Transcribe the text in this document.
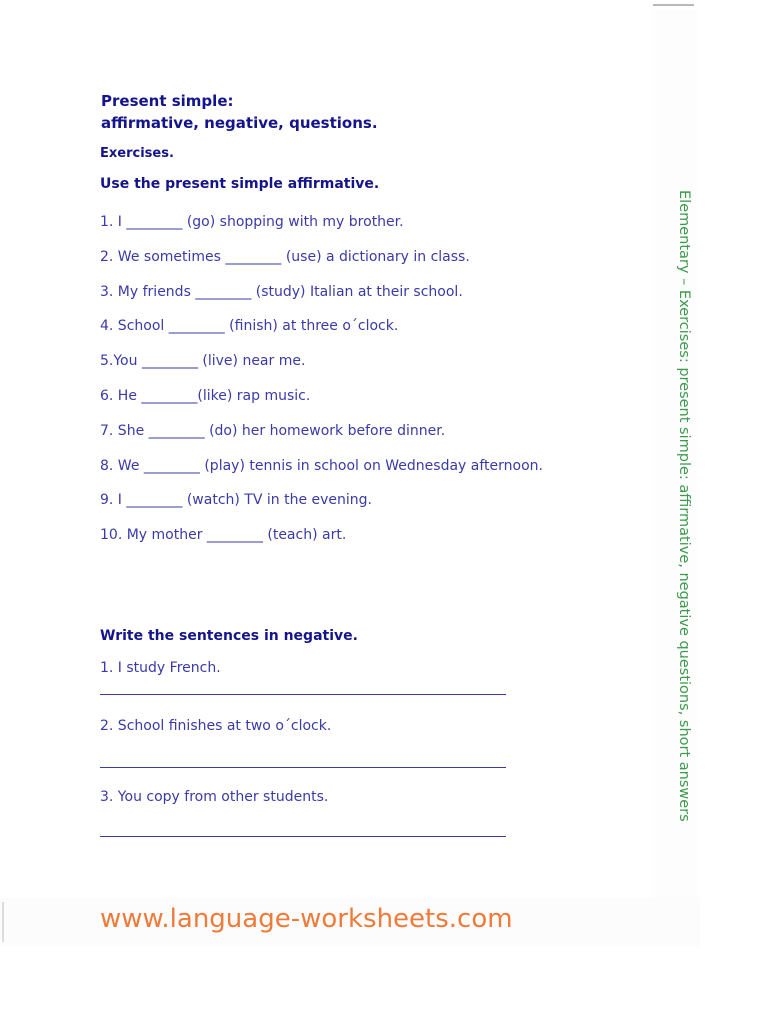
Present simple:
affirmative, negative, questions.
Exercises.
Use the present simple affirmative.
1. I ________ (go) shopping with my brother.
2. We sometimes ________ (use) a dictionary in class.
3. My friends ________ (study) Italian at their school.
4. School ________ (finish) at three o´clock.
5.You ________ (live) near me.
6. He ________(like) rap music.
7. She ________ (do) her homework before dinner.
8. We ________ (play) tennis in school on Wednesday afternoon.
9. I ________ (watch) TV in the evening.
10. My mother ________ (teach) art.
Write the sentences in negative.
1. I study French.
2. School finishes at two o´clock.
3. You copy from other students.	Elementary – Exercises: present simple: affirmative, negative questions, short answers
www.language-worksheets.com
